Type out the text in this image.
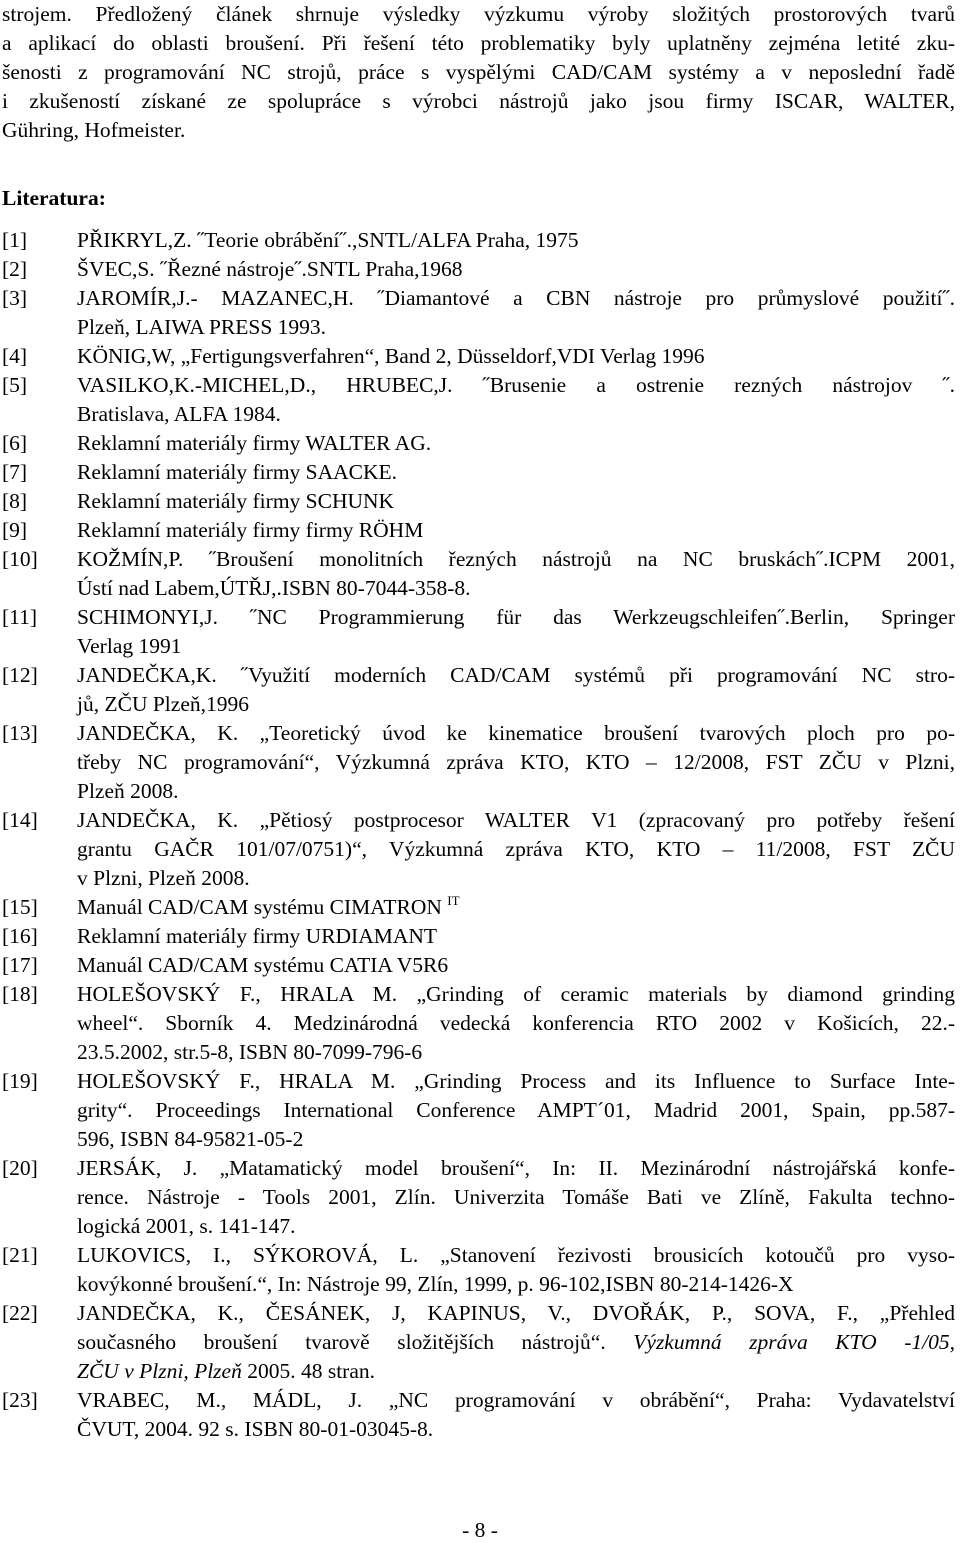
strojem. Předložený článek shrnuje výsledky výzkumu výroby složitých prostorových tvarů
a aplikací do oblasti broušení. Při řešení této problematiky byly uplatněny zejména letité zku-
šenosti z programování NC strojů, práce s vyspělými CAD/CAM systémy a v neposlední řadě
i zkušeností získané ze spolupráce s výrobci nástrojů jako jsou firmy ISCAR, WALTER,
Gühring, Hofmeister.
Literatura:
[1] PŘIKRYL,Z. ˝Teorie obrábění˝.,SNTL/ALFA Praha, 1975
[2] ŠVEC,S. ˝Řezné nástroje˝.SNTL Praha,1968
[3] JAROMÍR,J.- MAZANEC,H. ˝Diamantové a CBN nástroje pro průmyslové použití˝.
Plzeň, LAIWA PRESS 1993.
[4] KÖNIG,W, „Fertigungsverfahren“, Band 2, Düsseldorf,VDI Verlag 1996
[5] VASILKO,K.-MICHEL,D., HRUBEC,J. ˝Brusenie a ostrenie rezných nástrojov ˝.
Bratislava, ALFA 1984.
[6] Reklamní materiály firmy WALTER AG.
[7] Reklamní materiály firmy SAACKE.
[8] Reklamní materiály firmy SCHUNK
[9] Reklamní materiály firmy firmy RÖHM
[10] KOŽMÍN,P. ˝Broušení monolitních řezných nástrojů na NC bruskách˝.ICPM 2001,
Ústí nad Labem,ÚTŘJ,.ISBN 80-7044-358-8.
[11] SCHIMONYI,J. ˝NC Programmierung für das Werkzeugschleifen˝.Berlin, Springer
Verlag 1991
[12] JANDEČKA,K. ˝Využití moderních CAD/CAM systémů při programování NC stro-
jů, ZČU Plzeň,1996
[13] JANDEČKA, K. „Teoretický úvod ke kinematice broušení tvarových ploch pro po-
třeby NC programování“, Výzkumná zpráva KTO, KTO – 12/2008, FST ZČU v Plzni,
Plzeň 2008.
[14] JANDEČKA, K. „Pětiosý postprocesor WALTER V1 (zpracovaný pro potřeby řešení
grantu GAČR 101/07/0751)“, Výzkumná zpráva KTO, KTO – 11/2008, FST ZČU
v Plzni, Plzeň 2008.
[15] Manuál CAD/CAM systému CIMATRON $^{IT}$
[16] Reklamní materiály firmy URDIAMANT
[17] Manuál CAD/CAM systému CATIA V5R6
[18] HOLEŠOVSKÝ F., HRALA M. „Grinding of ceramic materials by diamond grinding
wheel“. Sborník 4. Medzinárodná vedecká konferencia RTO 2002 v Košicích, 22.-
23.5.2002, str.5-8, ISBN 80-7099-796-6
[19] HOLEŠOVSKÝ F., HRALA M. „Grinding Process and its Influence to Surface Inte-
grity“. Proceedings International Conference AMPT´01, Madrid 2001, Spain, pp.587-
596, ISBN 84-95821-05-2
[20] JERSÁK, J. „Matamatický model broušení“, In: II. Mezinárodní nástrojářská konfe-
rence. Nástroje - Tools 2001, Zlín. Univerzita Tomáše Bati ve Zlíně, Fakulta techno-
logická 2001, s. 141-147.
[21] LUKOVICS, I., SÝKOROVÁ, L. „Stanovení řezivosti brousicích kotoučů pro vyso-
kovýkonné broušení.“, In: Nástroje 99, Zlín, 1999, p. 96-102,ISBN 80-214-1426-X
[22] JANDEČKA, K., ČESÁNEK, J, KAPINUS, V., DVOŘÁK, P., SOVA, F., „Přehled
současného broušení tvarově složitějších nástrojů“. Výzkumná zpráva KTO -1/05,
ZČU v Plzni, Plzeň 2005. 48 stran.
[23] VRABEC, M., MÁDL, J. „NC programování v obrábění“, Praha: Vydavatelství
ČVUT, 2004. 92 s. ISBN 80-01-03045-8.
- 8 -
